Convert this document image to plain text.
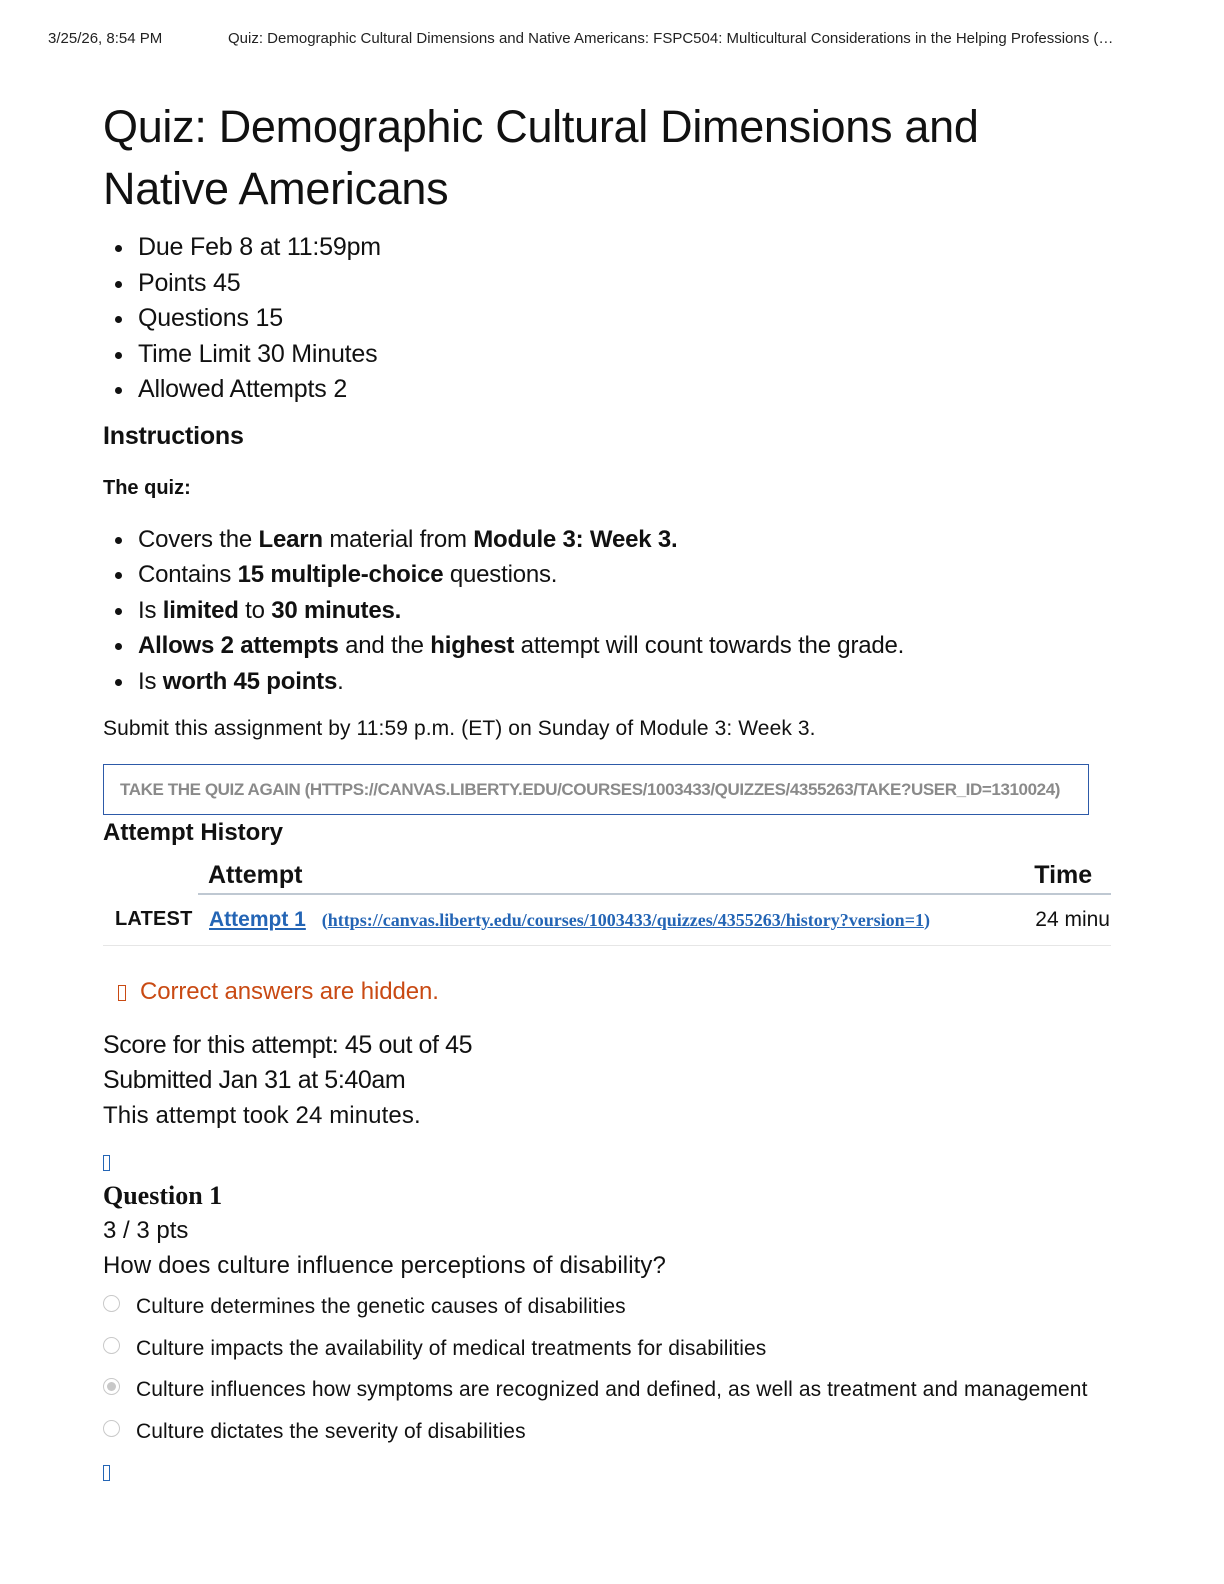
3/25/26, 8:54 PM	Quiz: Demographic Cultural Dimensions and Native Americans: FSPC504: Multicultural Considerations in the Helping Professions (…
Quiz: Demographic Cultural Dimensions and Native Americans
Due Feb 8 at 11:59pm
Points 45
Questions 15
Time Limit 30 Minutes
Allowed Attempts 2
Instructions
The quiz:
Covers the Learn material from Module 3: Week 3.
Contains 15 multiple-choice questions.
Is limited to 30 minutes.
Allows 2 attempts and the highest attempt will count towards the grade.
Is worth 45 points.
Submit this assignment by 11:59 p.m. (ET) on Sunday of Module 3: Week 3.
TAKE THE QUIZ AGAIN (HTTPS://CANVAS.LIBERTY.EDU/COURSES/1003433/QUIZZES/4355263/TAKE?USER_ID=1310024)
Attempt History
	Attempt	Time
LATEST	Attempt 1 (https://canvas.liberty.edu/courses/1003433/quizzes/4355263/history?version=1)	24 minu
Correct answers are hidden.
Score for this attempt: 45 out of 45
Submitted Jan 31 at 5:40am
This attempt took 24 minutes.
Question 1
3 / 3 pts
How does culture influence perceptions of disability?
Culture determines the genetic causes of disabilities
Culture impacts the availability of medical treatments for disabilities
Culture influences how symptoms are recognized and defined, as well as treatment and management
Culture dictates the severity of disabilities
